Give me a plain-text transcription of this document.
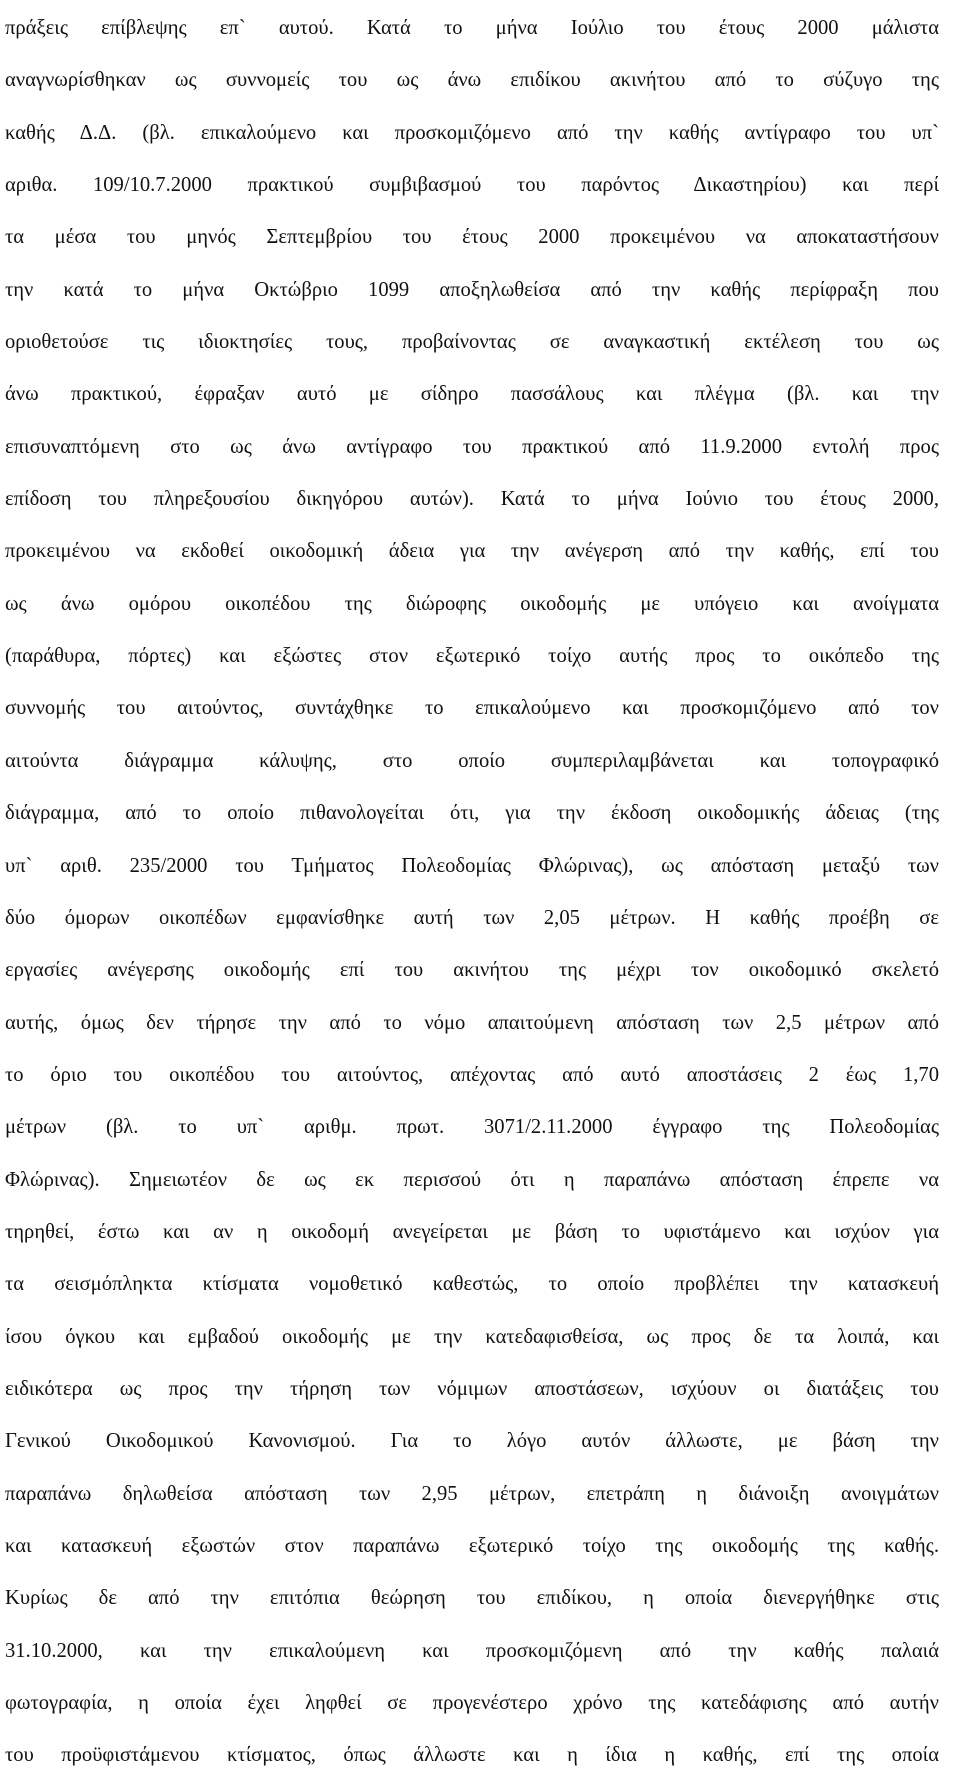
πράξεις επίβλεψης επ` αυτού. Κατά το μήνα Ιούλιο του έτους 2000 μάλιστα
αναγνωρίσθηκαν ως συννομείς του ως άνω επιδίκου ακινήτου από το σύζυγο της
καθής Δ.Δ. (βλ. επικαλούμενο και προσκομιζόμενο από την καθής αντίγραφο του υπ`
αριθα. 109/10.7.2000 πρακτικού συμβιβασμού του παρόντος Δικαστηρίου) και περί
τα μέσα του μηνός Σεπτεμβρίου του έτους 2000 προκειμένου να αποκαταστήσουν
την κατά το μήνα Οκτώβριο 1099 αποξηλωθείσα από την καθής περίφραξη που
οριοθετούσε τις ιδιοκτησίες τους, προβαίνοντας σε αναγκαστική εκτέλεση του ως
άνω πρακτικού, έφραξαν αυτό με σίδηρο πασσάλους και πλέγμα (βλ. και την
επισυναπτόμενη στο ως άνω αντίγραφο του πρακτικού από 11.9.2000 εντολή προς
επίδοση του πληρεξουσίου δικηγόρου αυτών). Κατά το μήνα Ιούνιο του έτους 2000,
προκειμένου να εκδοθεί οικοδομική άδεια για την ανέγερση από την καθής, επί του
ως άνω ομόρου οικοπέδου της διώροφης οικοδομής με υπόγειο και ανοίγματα
(παράθυρα, πόρτες) και εξώστες στον εξωτερικό τοίχο αυτής προς το οικόπεδο της
συννομής του αιτούντος, συντάχθηκε το επικαλούμενο και προσκομιζόμενο από τον
αιτούντα διάγραμμα κάλυψης, στο οποίο συμπεριλαμβάνεται και τοπογραφικό
διάγραμμα, από το οποίο πιθανολογείται ότι, για την έκδοση οικοδομικής άδειας (της
υπ` αριθ. 235/2000 του Τμήματος Πολεοδομίας Φλώρινας), ως απόσταση μεταξύ των
δύο όμορων οικοπέδων εμφανίσθηκε αυτή των 2,05 μέτρων. Η καθής προέβη σε
εργασίες ανέγερσης οικοδομής επί του ακινήτου της μέχρι τον οικοδομικό σκελετό
αυτής, όμως δεν τήρησε την από το νόμο απαιτούμενη απόσταση των 2,5 μέτρων από
το όριο του οικοπέδου του αιτούντος, απέχοντας από αυτό αποστάσεις 2 έως 1,70
μέτρων (βλ. το υπ` αριθμ. πρωτ. 3071/2.11.2000 έγγραφο της Πολεοδομίας
Φλώρινας). Σημειωτέον δε ως εκ περισσού ότι η παραπάνω απόσταση έπρεπε να
τηρηθεί, έστω και αν η οικοδομή ανεγείρεται με βάση το υφιστάμενο και ισχύον για
τα σεισμόπληκτα κτίσματα νομοθετικό καθεστώς, το οποίο προβλέπει την κατασκευή
ίσου όγκου και εμβαδού οικοδομής με την κατεδαφισθείσα, ως προς δε τα λοιπά, και
ειδικότερα ως προς την τήρηση των νόμιμων αποστάσεων, ισχύουν οι διατάξεις του
Γενικού Οικοδομικού Κανονισμού. Για το λόγο αυτόν άλλωστε, με βάση την
παραπάνω δηλωθείσα απόσταση των 2,95 μέτρων, επετράπη η διάνοιξη ανοιγμάτων
και κατασκευή εξωστών στον παραπάνω εξωτερικό τοίχο της οικοδομής της καθής.
Κυρίως δε από την επιτόπια θεώρηση του επιδίκου, η οποία διενεργήθηκε στις
31.10.2000, και την επικαλούμενη και προσκομιζόμενη από την καθής παλαιά
φωτογραφία, η οποία έχει ληφθεί σε προγενέστερο χρόνο της κατεδάφισης από αυτήν
του προϋφιστάμενου κτίσματος, όπως άλλωστε και η ίδια η καθής, επί της οποία
